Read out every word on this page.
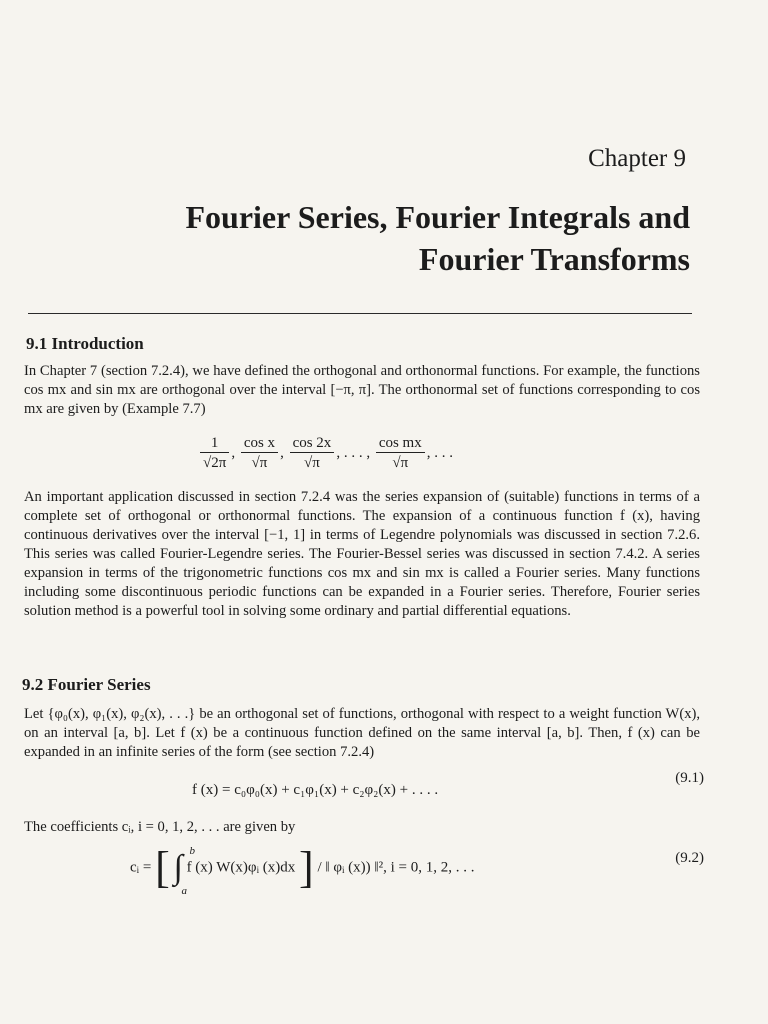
Chapter 9
Fourier Series, Fourier Integrals and
Fourier Transforms
9.1 Introduction

In Chapter 7 (section 7.2.4), we have defined the orthogonal and orthonormal functions. For example, the functions cos mx and sin mx are orthogonal over the interval [−π, π]. The orthonormal set of functions corresponding to cos mx are given by (Example 7.7)

$\frac{1}{√2\pi}$ , $\frac{\text{cos x}}{√\pi}$ , $\frac{\cos 2x}{√\pi}$ , . . . , $\frac{\text{cos mx}}{√\pi}$ , . . .

An important application discussed in section 7.2.4 was the series expansion of (suitable) functions in terms of a complete set of orthogonal or orthonormal functions. The expansion of a continuous function f (x), having continuous derivatives over the interval [−1, 1] in terms of Legendre polynomials was discussed in section 7.2.6. This series was called Fourier-Legendre series. The Fourier-Bessel series was discussed in section 7.4.2. A series expansion in terms of the trigonometric functions cos mx and sin mx is called a Fourier series. Many functions including some discontinuous periodic functions can be expanded in a Fourier series. Therefore, Fourier series solution method is a powerful tool in solving some ordinary and partial differential equations.

9.2 Fourier Series

Let {φ₀(x), φ₁(x), φ₂(x), . . .} be an orthogonal set of functions, orthogonal with respect to a weight function W(x), on an interval [a, b]. Let f (x) be a continuous function defined on the same interval [a, b]. Then, f (x) can be expanded in an infinite series of the form (see section 7.2.4)

f (x) = c₀φ₀(x) + c₁φ₁(x) + c₂φ₂(x) + . . . .
(9.1)

The coefficients cᵢ, i = 0, 1, 2, . . . are given by

cᵢ = [ ∫ b
a
f (x) W(x)φᵢ (x)dx ] / ‖ φᵢ (x)) ‖², i = 0, 1, 2, . . .
(9.2)
